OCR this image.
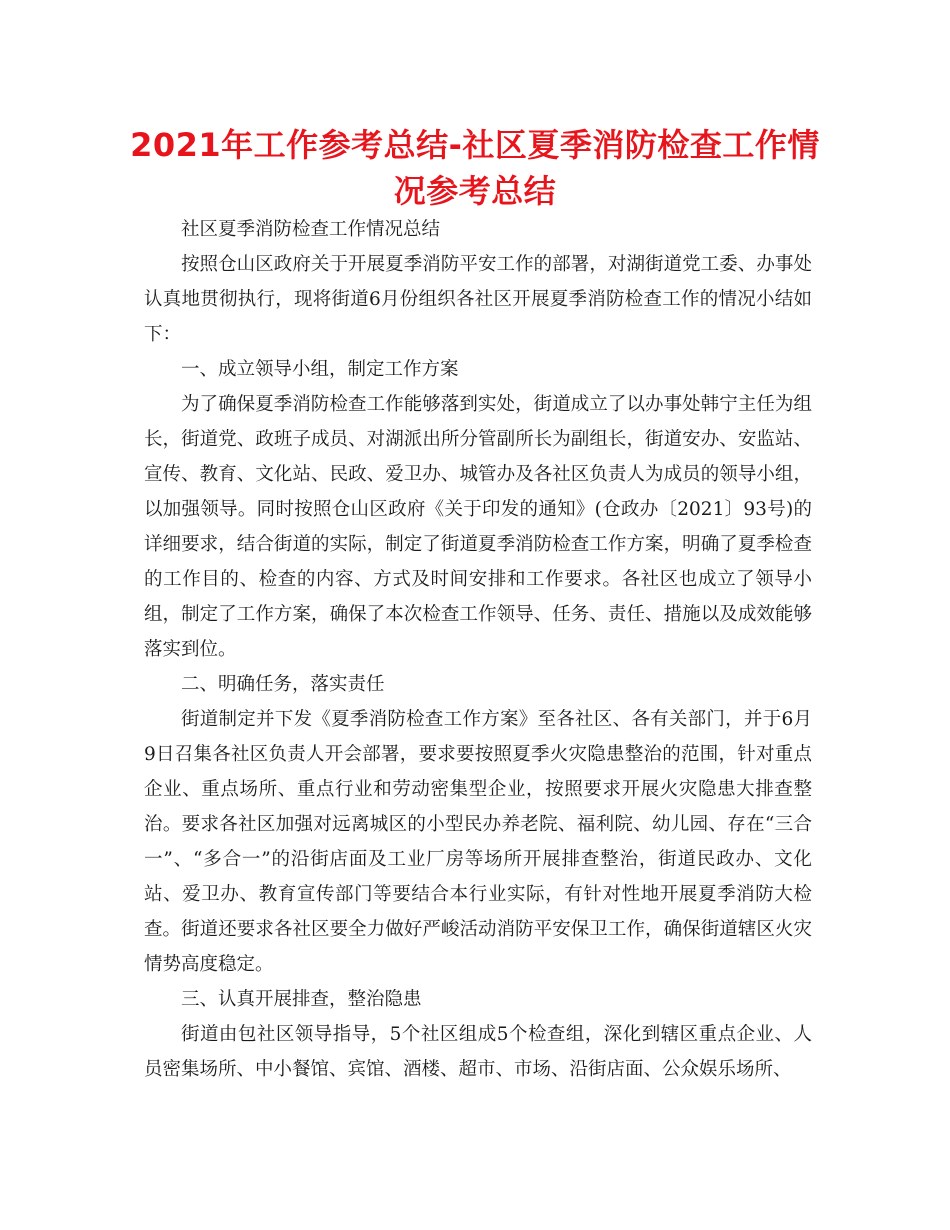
2021年工作参考总结-社区夏季消防检查工作情况参考总结

社区夏季消防检查工作情况总结

按照仓山区政府关于开展夏季消防平安工作的部署，对湖街道党工委、办事处认真地贯彻执行，现将街道6月份组织各社区开展夏季消防检查工作的情况小结如下：

一、成立领导小组，制定工作方案

为了确保夏季消防检查工作能够落到实处，街道成立了以办事处韩宁主任为组长，街道党、政班子成员、对湖派出所分管副所长为副组长，街道安办、安监站、宣传、教育、文化站、民政、爱卫办、城管办及各社区负责人为成员的领导小组，以加强领导。同时按照仓山区政府《关于印发的通知》(仓政办〔2021〕93号)的详细要求，结合街道的实际，制定了街道夏季消防检查工作方案，明确了夏季检查的工作目的、检查的内容、方式及时间安排和工作要求。各社区也成立了领导小组，制定了工作方案，确保了本次检查工作领导、任务、责任、措施以及成效能够落实到位。

二、明确任务，落实责任

街道制定并下发《夏季消防检查工作方案》至各社区、各有关部门，并于6月9日召集各社区负责人开会部署，要求要按照夏季火灾隐患整治的范围，针对重点企业、重点场所、重点行业和劳动密集型企业，按照要求开展火灾隐患大排查整治。要求各社区加强对远离城区的小型民办养老院、福利院、幼儿园、存在“三合一”、“多合一”的沿街店面及工业厂房等场所开展排查整治，街道民政办、文化站、爱卫办、教育宣传部门等要结合本行业实际，有针对性地开展夏季消防大检查。街道还要求各社区要全力做好严峻活动消防平安保卫工作，确保街道辖区火灾情势高度稳定。

三、认真开展排查，整治隐患

街道由包社区领导指导，5个社区组成5个检查组，深化到辖区重点企业、人员密集场所、中小餐馆、宾馆、酒楼、超市、市场、沿街店面、公众娱乐场所、
